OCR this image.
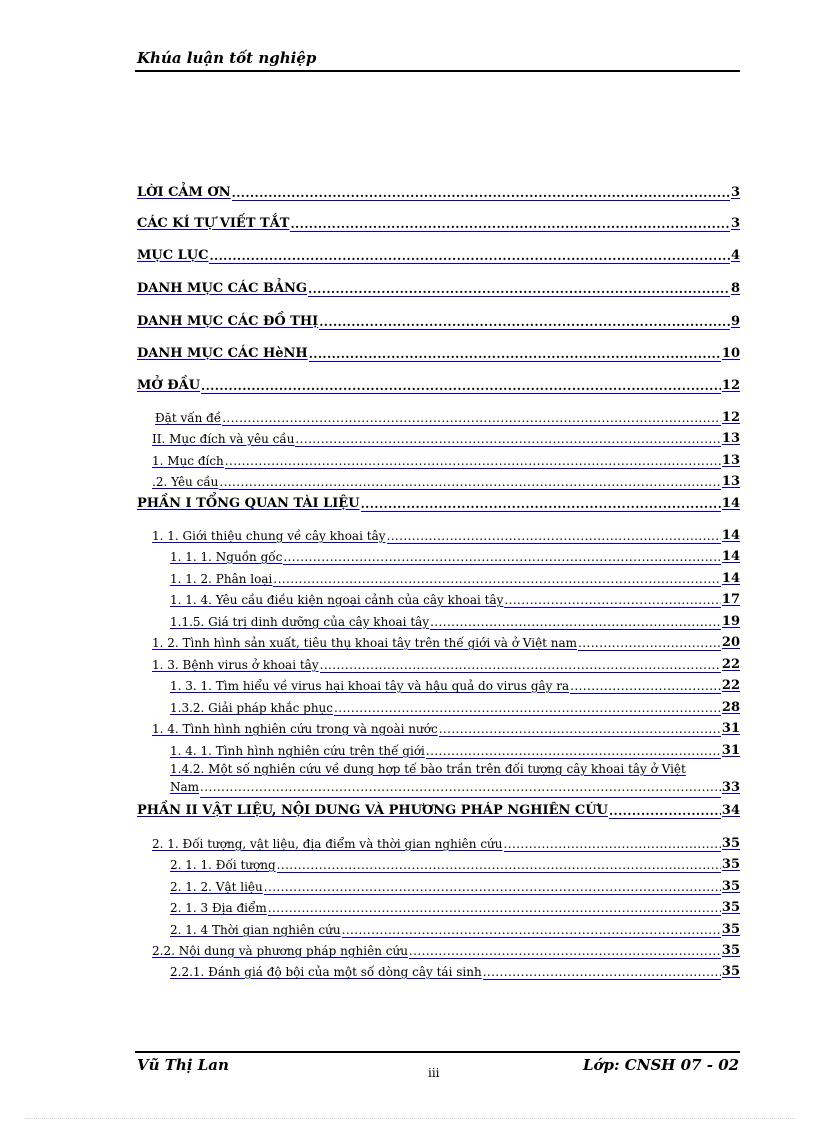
Khúa luận tốt nghiệp
LỜI CẢM ƠN .....	3
CÁC KÍ TỰ VIẾT TẮT .....	3
MỤC LỤC .....	4
DANH MỤC CÁC BẢNG .....	8
DANH MỤC CÁC ĐỒ THỊ .....	9
DANH MỤC CÁC HèNH .....	10
MỞ ĐẦU .....	12
Đặt vấn đề .....	12
II. Mục đích và yêu cầu .....	13
1. Mục đích .....	13
.2. Yêu cầu .....	13
PHẦN I TỔNG QUAN TÀI LIỆU .....	14
1. 1. Giới thiệu chung về cây khoai tây .....	14
1. 1. 1. Nguồn gốc .....	14
1. 1. 2. Phân loại .....	14
1. 1. 4. Yêu cầu điều kiện ngoại cảnh của cây khoai tây .....	17
1.1.5. Giá trị dinh dưỡng của cây khoai tây .....	19
1. 2. Tình hình sản xuất, tiêu thụ khoai tây trên thế giới và ở Việt nam .....	20
1. 3. Bệnh virus ở khoai tây .....	22
1. 3. 1. Tìm hiểu về virus hại khoai tây và hậu quả do virus gây ra .....	22
1.3.2. Giải pháp khắc phục .....	28
1. 4. Tình hình nghiên cứu trong và ngoài nước .....	31
1. 4. 1. Tình hình nghiên cứu trên thế giới .....	31
1.4.2. Một số nghiên cứu về dung hợp tế bào trần trên đối tượng cây khoai tây ở Việt
Nam .....	33
PHẦN II VẬT LIỆU, NỘI DUNG VÀ PHƯƠNG PHÁP NGHIÊN CỨU .....	34
2. 1. Đối tượng, vật liệu, địa điểm và thời gian nghiên cứu .....	35
2. 1. 1. Đối tượng .....	35
2. 1. 2. Vật liệu .....	35
2. 1. 3 Địa điểm .....	35
2. 1. 4 Thời gian nghiên cứu .....	35
2.2. Nội dung và phương pháp nghiên cứu .....	35
2.2.1. Đánh giá độ bội của một số dòng cây tái sinh .....	35
Vũ Thị Lan	iii	Lớp: CNSH 07 - 02
